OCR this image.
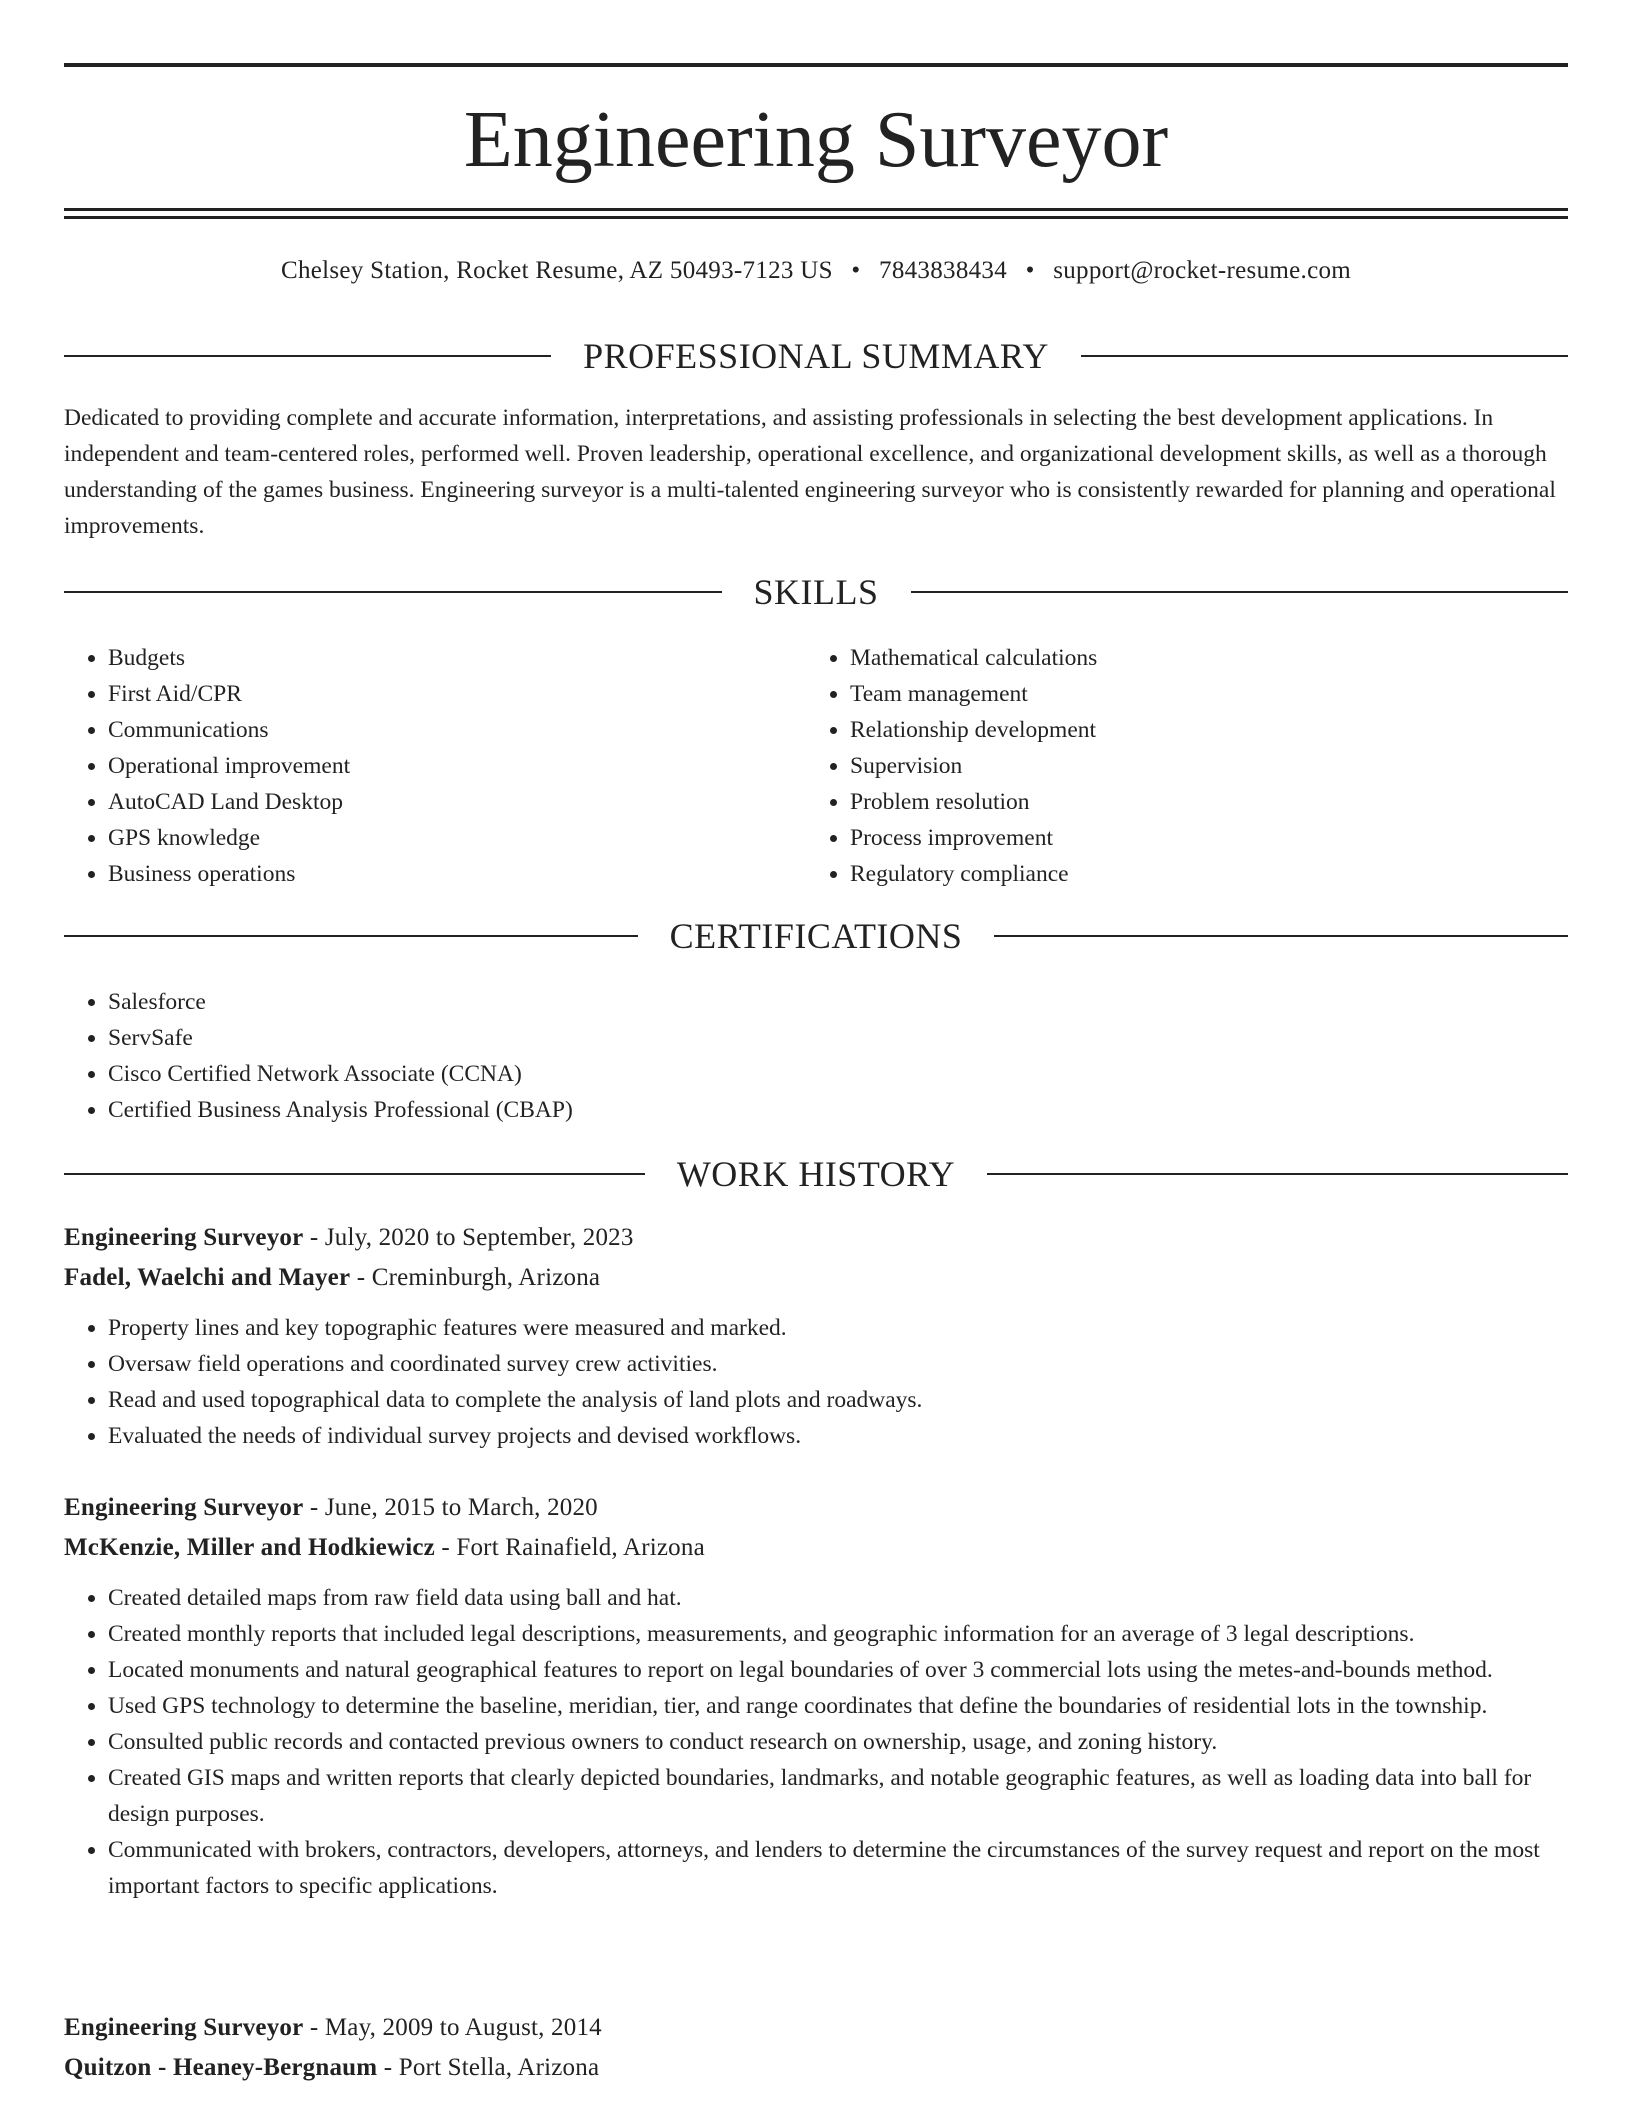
Engineering Surveyor
Chelsey Station, Rocket Resume, AZ 50493-7123 US • 7843838434 • support@rocket-resume.com
PROFESSIONAL SUMMARY

Dedicated to providing complete and accurate information, interpretations, and assisting professionals in selecting the best development applications. In independent and team-centered roles, performed well. Proven leadership, operational excellence, and organizational development skills, as well as a thorough understanding of the games business. Engineering surveyor is a multi-talented engineering surveyor who is consistently rewarded for planning and operational improvements.

SKILLS
• Budgets
• First Aid/CPR
• Communications
• Operational improvement
• AutoCAD Land Desktop
• GPS knowledge
• Business operations
• Mathematical calculations
• Team management
• Relationship development
• Supervision
• Problem resolution
• Process improvement
• Regulatory compliance
CERTIFICATIONS
• Salesforce
• ServSafe
• Cisco Certified Network Associate (CCNA)
• Certified Business Analysis Professional (CBAP)
WORK HISTORY
Engineering Surveyor - July, 2020 to September, 2023
Fadel, Waelchi and Mayer - Creminburgh, Arizona
• Property lines and key topographic features were measured and marked.
• Oversaw field operations and coordinated survey crew activities.
• Read and used topographical data to complete the analysis of land plots and roadways.
• Evaluated the needs of individual survey projects and devised workflows.
Engineering Surveyor - June, 2015 to March, 2020
McKenzie, Miller and Hodkiewicz - Fort Rainafield, Arizona
• Created detailed maps from raw field data using ball and hat.
• Created monthly reports that included legal descriptions, measurements, and geographic information for an average of 3 legal descriptions.
• Located monuments and natural geographical features to report on legal boundaries of over 3 commercial lots using the metes-and-bounds method.
• Used GPS technology to determine the baseline, meridian, tier, and range coordinates that define the boundaries of residential lots in the township.
• Consulted public records and contacted previous owners to conduct research on ownership, usage, and zoning history.
• Created GIS maps and written reports that clearly depicted boundaries, landmarks, and notable geographic features, as well as loading data into ball for design purposes.
• Communicated with brokers, contractors, developers, attorneys, and lenders to determine the circumstances of the survey request and report on the most important factors to specific applications.
Engineering Surveyor - May, 2009 to August, 2014
Quitzon - Heaney-Bergnaum - Port Stella, Arizona
